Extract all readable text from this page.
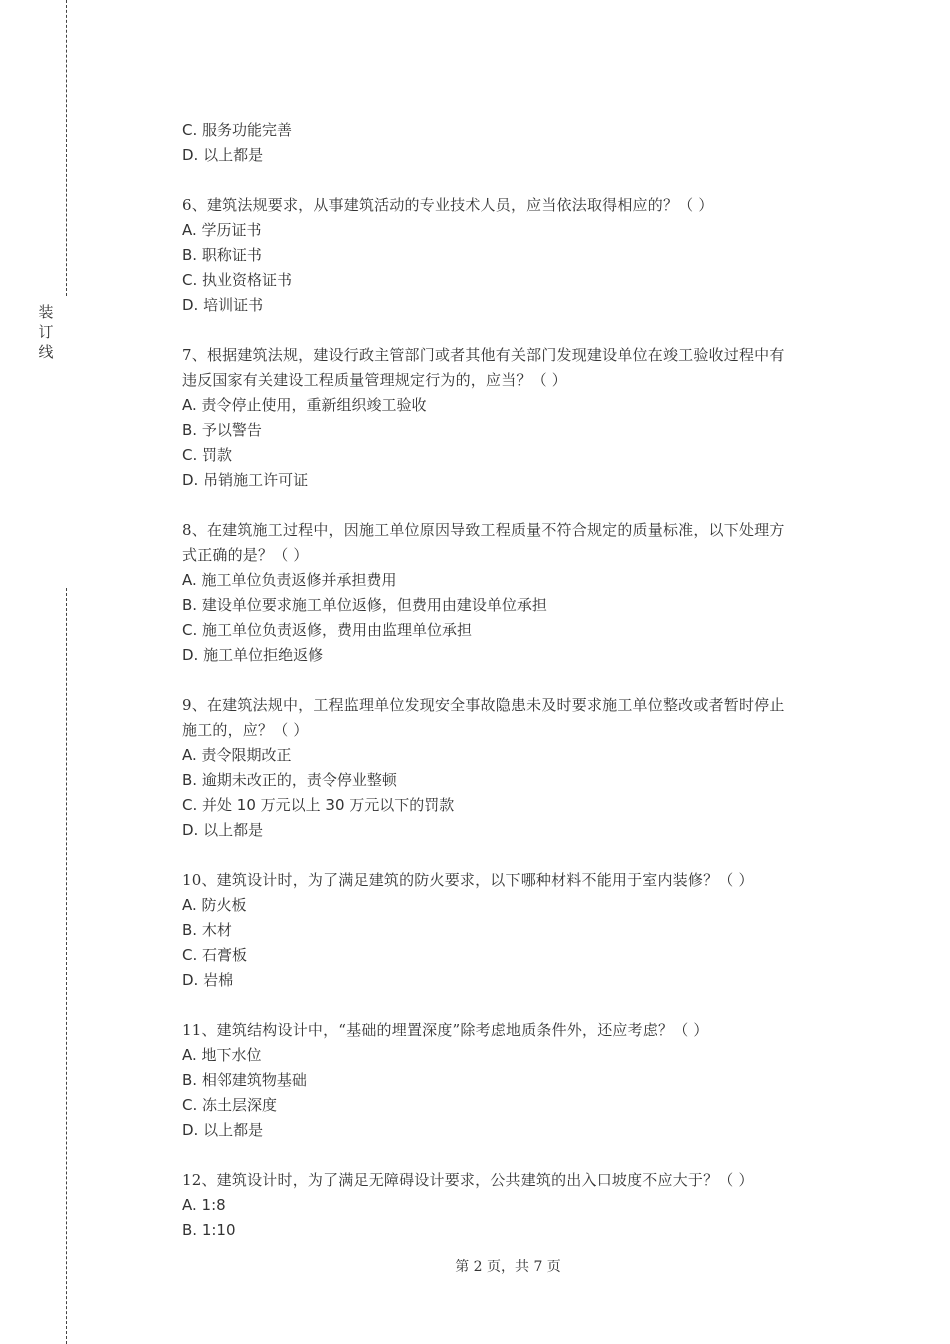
装订线
C. 服务功能完善
D. 以上都是
6、建筑法规要求，从事建筑活动的专业技术人员，应当依法取得相应的？（ ）
A. 学历证书
B. 职称证书
C. 执业资格证书
D. 培训证书
7、根据建筑法规，建设行政主管部门或者其他有关部门发现建设单位在竣工验收过程中有
违反国家有关建设工程质量管理规定行为的，应当？（ ）
A. 责令停止使用，重新组织竣工验收
B. 予以警告
C. 罚款
D. 吊销施工许可证
8、在建筑施工过程中，因施工单位原因导致工程质量不符合规定的质量标准，以下处理方
式正确的是？（ ）
A. 施工单位负责返修并承担费用
B. 建设单位要求施工单位返修，但费用由建设单位承担
C. 施工单位负责返修，费用由监理单位承担
D. 施工单位拒绝返修
9、在建筑法规中，工程监理单位发现安全事故隐患未及时要求施工单位整改或者暂时停止
施工的，应？（ ）
A. 责令限期改正
B. 逾期未改正的，责令停业整顿
C. 并处 10 万元以上 30 万元以下的罚款
D. 以上都是
10、建筑设计时，为了满足建筑的防火要求，以下哪种材料不能用于室内装修？（ ）
A. 防火板
B. 木材
C. 石膏板
D. 岩棉
11、建筑结构设计中，“基础的埋置深度”除考虑地质条件外，还应考虑？（ ）
A. 地下水位
B. 相邻建筑物基础
C. 冻土层深度
D. 以上都是
12、建筑设计时，为了满足无障碍设计要求，公共建筑的出入口坡度不应大于？（ ）
A. 1:8
B. 1:10
第 2 页，共 7 页
